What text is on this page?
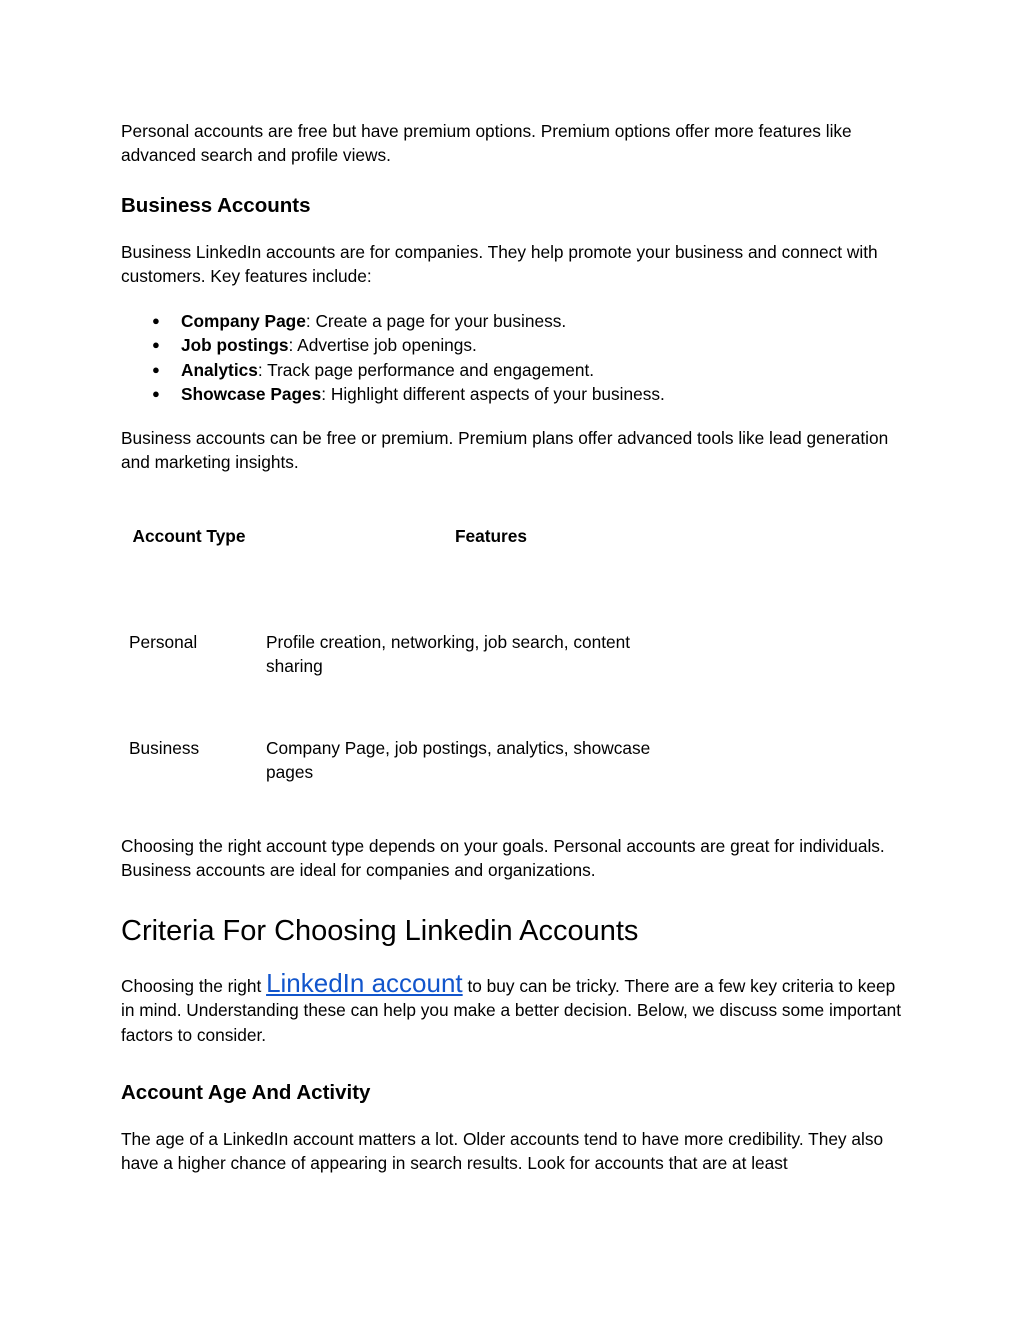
Personal accounts are free but have premium options. Premium options offer more features like advanced search and profile views.

Business Accounts

Business LinkedIn accounts are for companies. They help promote your business and connect with customers. Key features include:

● Company Page: Create a page for your business.
● Job postings: Advertise job openings.
● Analytics: Track page performance and engagement.
● Showcase Pages: Highlight different aspects of your business.

Business accounts can be free or premium. Premium plans offer advanced tools like lead generation and marketing insights.

Account Type	Features
Personal	Profile creation, networking, job search, content sharing
Business	Company Page, job postings, analytics, showcase pages

Choosing the right account type depends on your goals. Personal accounts are great for individuals. Business accounts are ideal for companies and organizations.

Criteria For Choosing Linkedin Accounts

Choosing the right LinkedIn account to buy can be tricky. There are a few key criteria to keep in mind. Understanding these can help you make a better decision. Below, we discuss some important factors to consider.

Account Age And Activity

The age of a LinkedIn account matters a lot. Older accounts tend to have more credibility. They also have a higher chance of appearing in search results. Look for accounts that are at least
